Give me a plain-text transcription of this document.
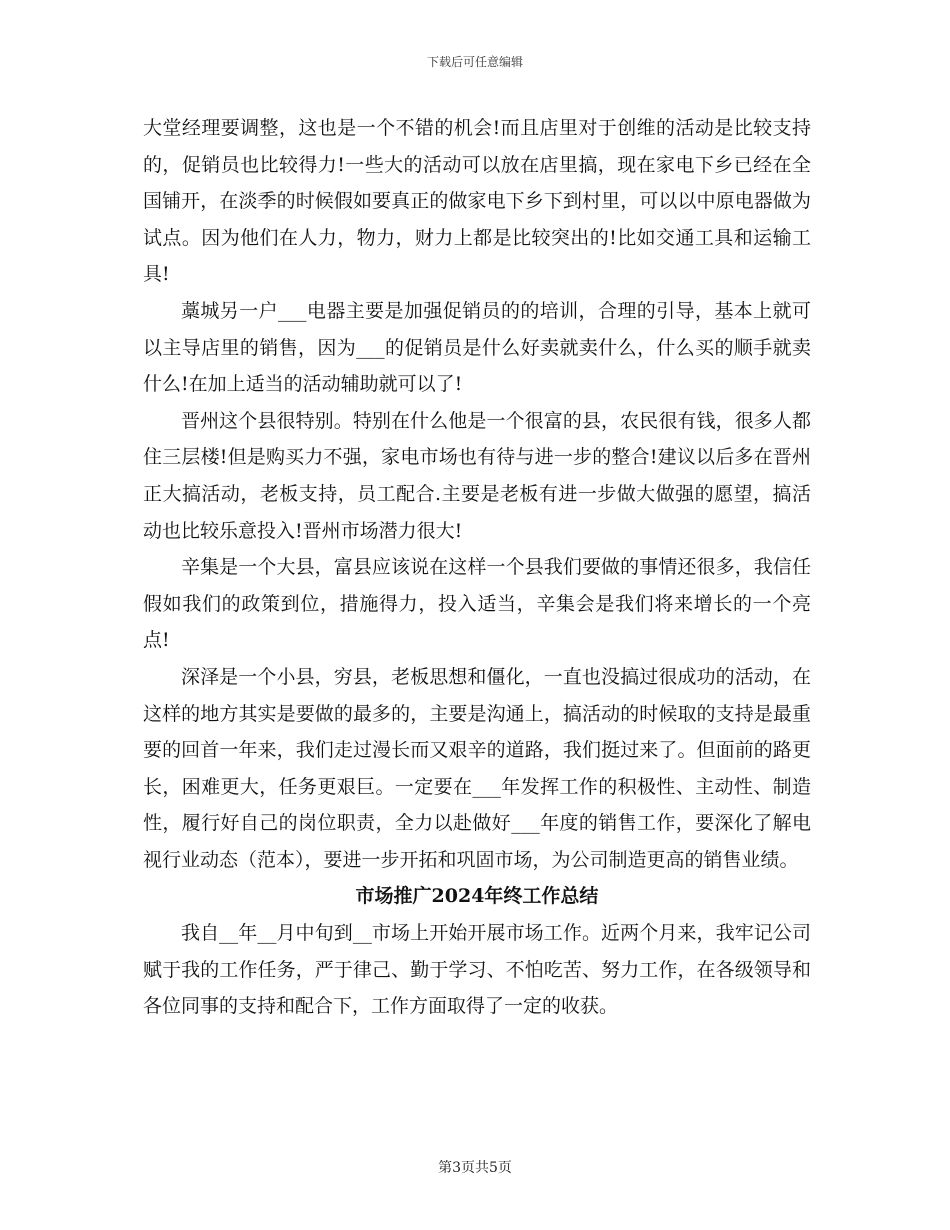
下载后可任意编辑

大堂经理要调整，这也是一个不错的机会!而且店里对于创维的活动是比较支持的，促销员也比较得力!一些大的活动可以放在店里搞，现在家电下乡已经在全国铺开，在淡季的时候假如要真正的做家电下乡下到村里，可以以中原电器做为试点。因为他们在人力，物力，财力上都是比较突出的!比如交通工具和运输工具!

藁城另一户___电器主要是加强促销员的的培训，合理的引导，基本上就可以主导店里的销售，因为___的促销员是什么好卖就卖什么，什么买的顺手就卖什么!在加上适当的活动辅助就可以了!

晋州这个县很特别。特别在什么他是一个很富的县，农民很有钱，很多人都住三层楼!但是购买力不强，家电市场也有待与进一步的整合!建议以后多在晋州正大搞活动，老板支持，员工配合.主要是老板有进一步做大做强的愿望，搞活动也比较乐意投入!晋州市场潜力很大!

辛集是一个大县，富县应该说在这样一个县我们要做的事情还很多，我信任假如我们的政策到位，措施得力，投入适当，辛集会是我们将来增长的一个亮点!

深泽是一个小县，穷县，老板思想和僵化，一直也没搞过很成功的活动，在这样的地方其实是要做的最多的，主要是沟通上，搞活动的时候取的支持是最重要的回首一年来，我们走过漫长而又艰辛的道路，我们挺过来了。但面前的路更长，困难更大，任务更艰巨。一定要在___年发挥工作的积极性、主动性、制造性，履行好自己的岗位职责，全力以赴做好___年度的销售工作，要深化了解电视行业动态（范本），要进一步开拓和巩固市场，为公司制造更高的销售业绩。

市场推广2024年终工作总结

我自__年__月中旬到__市场上开始开展市场工作。近两个月来，我牢记公司赋于我的工作任务，严于律己、勤于学习、不怕吃苦、努力工作，在各级领导和各位同事的支持和配合下，工作方面取得了一定的收获。

第3页共5页
